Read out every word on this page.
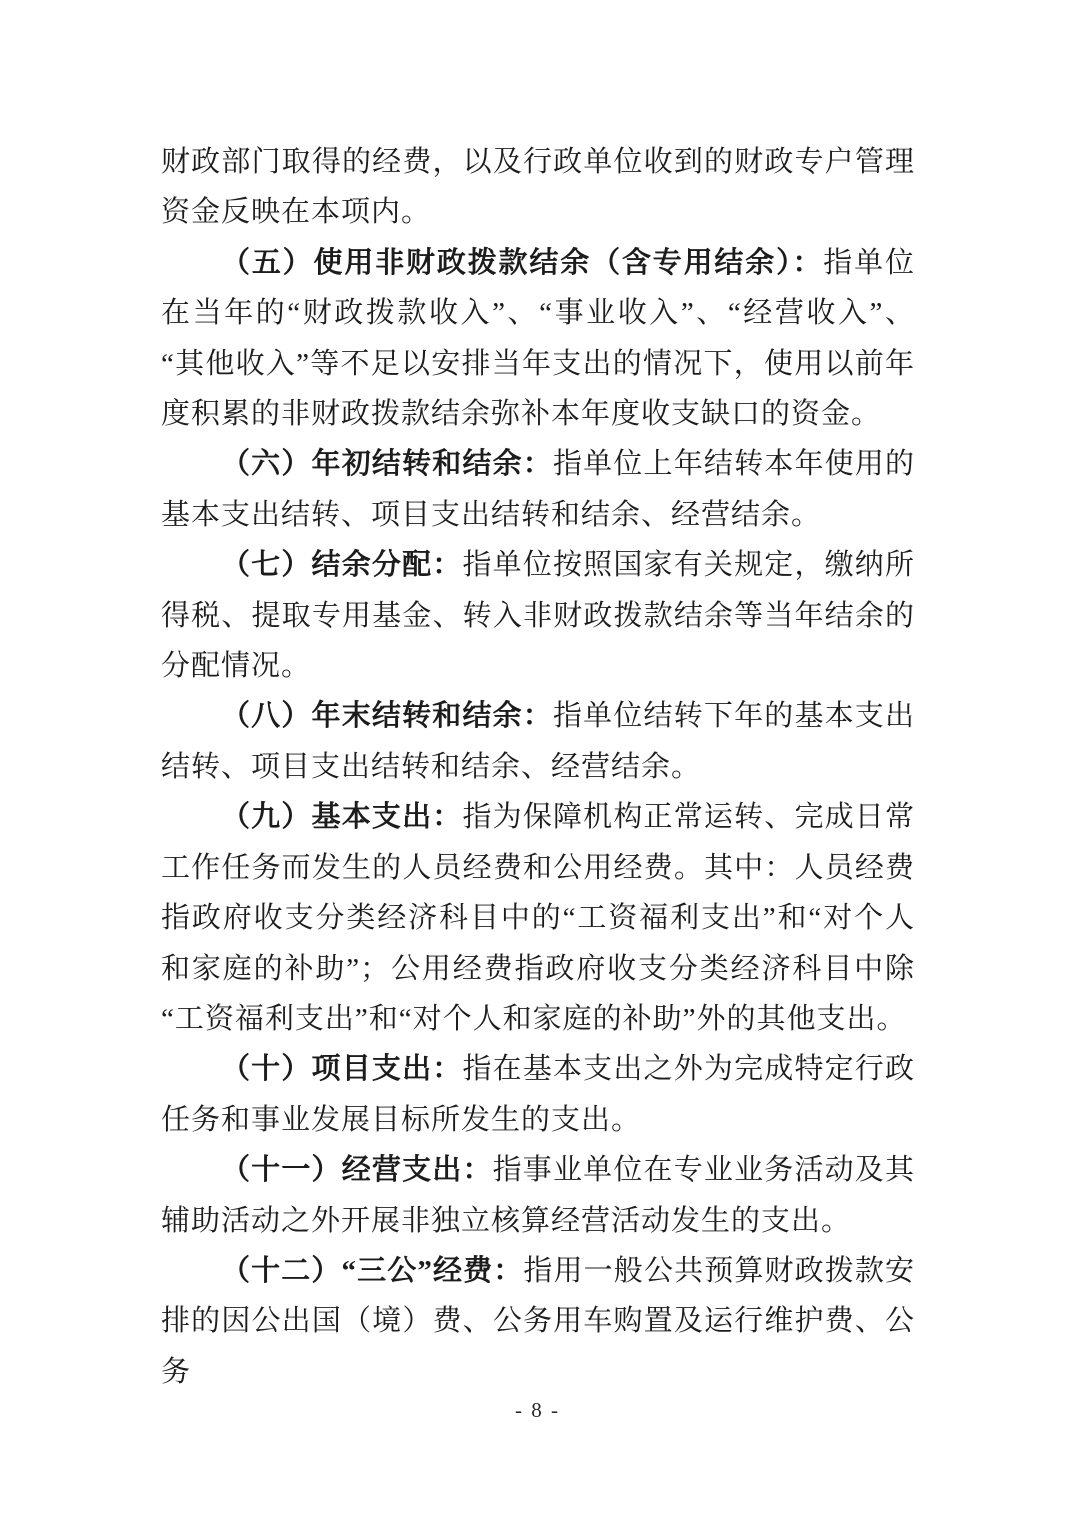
财政部门取得的经费，以及行政单位收到的财政专户管理资金反映在本项内。

（五）使用非财政拨款结余（含专用结余）：指单位在当年的“财政拨款收入”、“事业收入”、“经营收入”、“其他收入”等不足以安排当年支出的情况下，使用以前年度积累的非财政拨款结余弥补本年度收支缺口的资金。

（六）年初结转和结余：指单位上年结转本年使用的基本支出结转、项目支出结转和结余、经营结余。

（七）结余分配：指单位按照国家有关规定，缴纳所得税、提取专用基金、转入非财政拨款结余等当年结余的分配情况。

（八）年末结转和结余：指单位结转下年的基本支出结转、项目支出结转和结余、经营结余。

（九）基本支出：指为保障机构正常运转、完成日常工作任务而发生的人员经费和公用经费。其中：人员经费指政府收支分类经济科目中的“工资福利支出”和“对个人和家庭的补助”；公用经费指政府收支分类经济科目中除“工资福利支出”和“对个人和家庭的补助”外的其他支出。

（十）项目支出：指在基本支出之外为完成特定行政任务和事业发展目标所发生的支出。

（十一）经营支出：指事业单位在专业业务活动及其辅助活动之外开展非独立核算经营活动发生的支出。

（十二）“三公”经费：指用一般公共预算财政拨款安排的因公出国（境）费、公务用车购置及运行维护费、公务

- 8 -
